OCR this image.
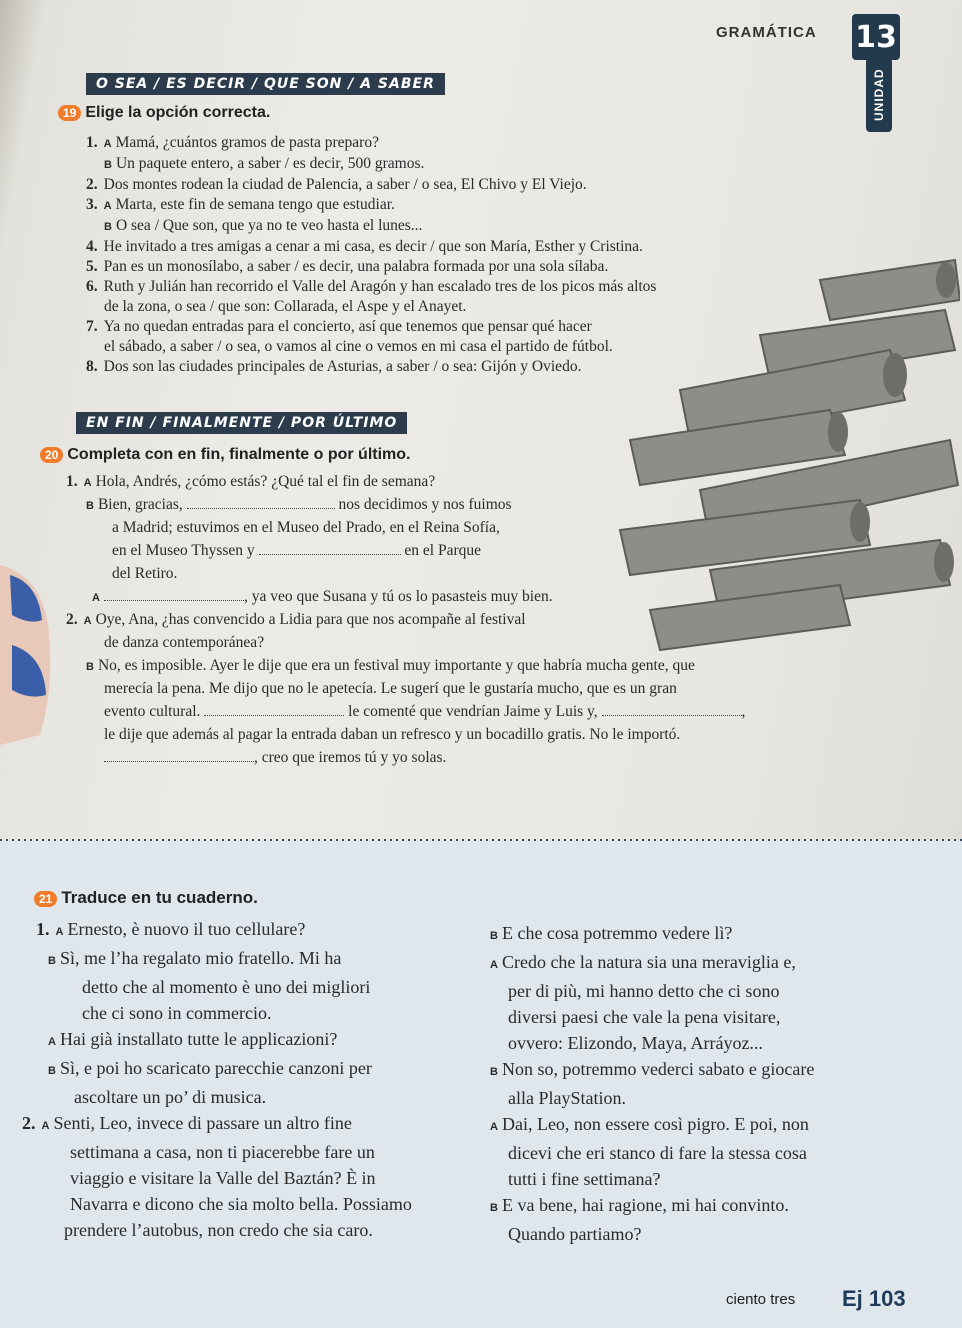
GRAMÁTICA 13
UNIDAD
O SEA / ES DECIR / QUE SON / A SABER
19 Elige la opción correcta.
1. A Mamá, ¿cuántos gramos de pasta preparo?
B Un paquete entero, a saber / es decir, 500 gramos.
2. Dos montes rodean la ciudad de Palencia, a saber / o sea, El Chivo y El Viejo.
3. A Marta, este fin de semana tengo que estudiar.
B O sea / Que son, que ya no te veo hasta el lunes...
4. He invitado a tres amigas a cenar a mi casa, es decir / que son María, Esther y Cristina.
5. Pan es un monosílabo, a saber / es decir, una palabra formada por una sola sílaba.
6. Ruth y Julián han recorrido el Valle del Aragón y han escalado tres de los picos más altos
de la zona, o sea / que son: Collarada, el Aspe y el Anayet.
7. Ya no quedan entradas para el concierto, así que tenemos que pensar qué hacer
el sábado, a saber / o sea, o vamos al cine o vemos en mi casa el partido de fútbol.
8. Dos son las ciudades principales de Asturias, a saber / o sea: Gijón y Oviedo.
EN FIN / FINALMENTE / POR ÚLTIMO
20 Completa con en fin, finalmente o por último.
1. A Hola, Andrés, ¿cómo estás? ¿Qué tal el fin de semana?
B Bien, gracias,	nos decidimos y nos fuimos
a Madrid; estuvimos en el Museo del Prado, en el Reina Sofía,
en el Museo Thyssen y	en el Parque
del Retiro.
A	, ya veo que Susana y tú os lo pasasteis muy bien.
2. A Oye, Ana, ¿has convencido a Lidia para que nos acompañe al festival
de danza contemporánea?
B No, es imposible. Ayer le dije que era un festival muy importante y que habría mucha gente, que
merecía la pena. Me dijo que no le apetecía. Le sugerí que le gustaría mucho, que es un gran
evento cultural.	le comenté que vendrían Jaime y Luis y,	,
le dije que además al pagar la entrada daban un refresco y un bocadillo gratis. No le importó.
, creo que iremos tú y yo solas.
21 Traduce en tu cuaderno.
1. A Ernesto, è nuovo il tuo cellulare?
B Sì, me l’ha regalato mio fratello. Mi ha
detto che al momento è uno dei migliori
che ci sono in commercio.
A Hai già installato tutte le applicazioni?
B Sì, e poi ho scaricato parecchie canzoni per
ascoltare un po’ di musica.
2. A Senti, Leo, invece di passare un altro fine
settimana a casa, non ti piacerebbe fare un
viaggio e visitare la Valle del Baztán? È in
Navarra e dicono che sia molto bella. Possiamo
prendere l’autobus, non credo che sia caro.
B E che cosa potremmo vedere lì?
A Credo che la natura sia una meraviglia e,
per di più, mi hanno detto che ci sono
diversi paesi che vale la pena visitare,
ovvero: Elizondo, Maya, Arráyoz...
B Non so, potremmo vederci sabato e giocare
alla PlayStation.
A Dai, Leo, non essere così pigro. E poi, non
dicevi che eri stanco di fare la stessa cosa
tutti i fine settimana?
B E va bene, hai ragione, mi hai convinto.
Quando partiamo?
ciento tres Ej 103
